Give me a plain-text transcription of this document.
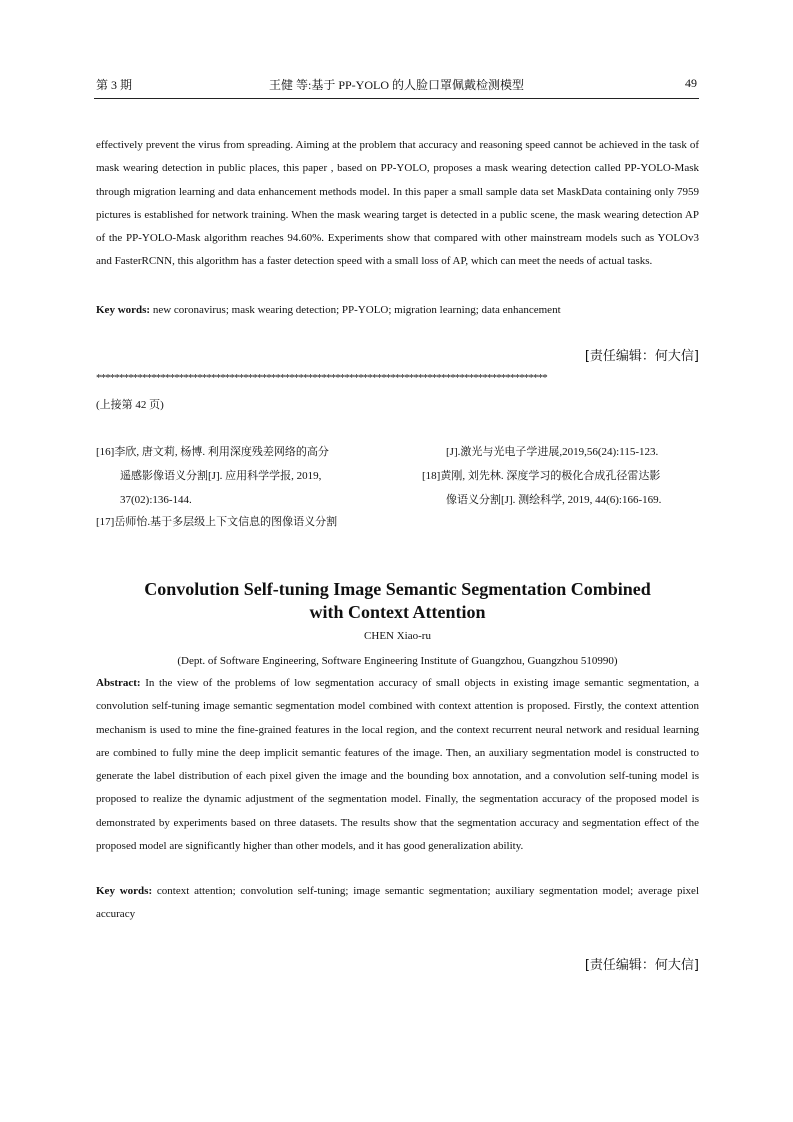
第 3 期	王健 等:基于 PP-YOLO 的人脸口罩佩戴检测模型	49
effectively prevent the virus from spreading. Aiming at the problem that accuracy and reasoning speed cannot be achieved in the task of mask wearing detection in public places, this paper , based on PP-YOLO, proposes a mask wearing detection called PP-YOLO-Mask through migration learning and data enhancement methods model. In this paper a small sample data set MaskData containing only 7959 pictures is established for network training. When the mask wearing target is detected in a public scene, the mask wearing detection AP of the PP-YOLO-Mask algorithm reaches 94.60%. Experiments show that compared with other mainstream models such as YOLOv3 and FasterRCNN, this algorithm has a faster detection speed with a small loss of AP, which can meet the needs of actual tasks.
Key words: new coronavirus; mask wearing detection; PP-YOLO; migration learning; data enhancement
[责任编辑：何大信]
**************************************************************************************************
(上接第 42 页)
[16]李欣, 唐文莉, 杨博. 利用深度残差网络的高分
遥感影像语义分割[J]. 应用科学学报, 2019,
37(02):136-144.
[17]岳师怡.基于多层级上下文信息的图像语义分割
[J].激光与光电子学进展,2019,56(24):115-123.
[18]黄刚, 刘先林. 深度学习的极化合成孔径雷达影
像语义分割[J]. 测绘科学, 2019, 44(6):166-169.
Convolution Self-tuning Image Semantic Segmentation Combined
with Context Attention
CHEN Xiao-ru
(Dept. of Software Engineering, Software Engineering Institute of Guangzhou, Guangzhou 510990)
Abstract: In the view of the problems of low segmentation accuracy of small objects in existing image semantic segmentation, a convolution self-tuning image semantic segmentation model combined with context attention is proposed. Firstly, the context attention mechanism is used to mine the fine-grained features in the local region, and the context recurrent neural network and residual learning are combined to fully mine the deep implicit semantic features of the image. Then, an auxiliary segmentation model is constructed to generate the label distribution of each pixel given the image and the bounding box annotation, and a convolution self-tuning model is proposed to realize the dynamic adjustment of the segmentation model. Finally, the segmentation accuracy of the proposed model is demonstrated by experiments based on three datasets. The results show that the segmentation accuracy and segmentation effect of the proposed model are significantly higher than other models, and it has good generalization ability.
Key words: context attention; convolution self-tuning; image semantic segmentation; auxiliary segmentation model; average pixel accuracy
[责任编辑：何大信]
